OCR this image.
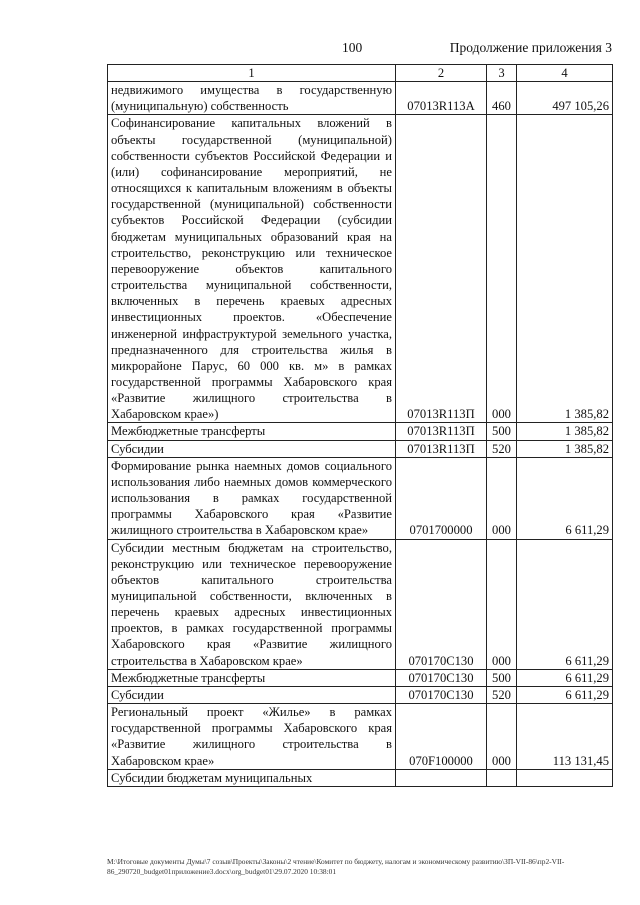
100	Продолжение приложения 3
1	2	3	4
недвижимого имущества в государственную (муниципальную) собственность	07013R113А	460	497 105,26
Софинансирование капитальных вложений в объекты государственной (муниципальной) собственности субъектов Российской Федерации и (или) софинансирование мероприятий, не относящихся к капитальным вложениям в объекты государственной (муниципальной) собственности субъектов Российской Федерации (субсидии бюджетам муниципальных образований края на строительство, реконструкцию или техническое перевооружение объектов капитального строительства муниципальной собственности, включенных в перечень краевых адресных инвестиционных проектов. «Обеспечение инженерной инфраструктурой земельного участка, предназначенного для строительства жилья в микрорайоне Парус, 60 000 кв. м» в рамках государственной программы Хабаровского края «Развитие жилищного строительства в Хабаровском крае»)	07013R113П	000	1 385,82
Межбюджетные трансферты	07013R113П	500	1 385,82
Субсидии	07013R113П	520	1 385,82
Формирование рынка наемных домов социального использования либо наемных домов коммерческого использования в рамках государственной программы Хабаровского края «Развитие жилищного строительства в Хабаровском крае»	0701700000	000	6 611,29
Субсидии местным бюджетам на строительство, реконструкцию или техническое перевооружение объектов капитального строительства муниципальной собственности, включенных в перечень краевых адресных инвестиционных проектов, в рамках государственной программы Хабаровского края «Развитие жилищного строительства в Хабаровском крае»	070170С130	000	6 611,29
Межбюджетные трансферты	070170С130	500	6 611,29
Субсидии	070170С130	520	6 611,29
Региональный проект «Жилье» в рамках государственной программы Хабаровского края «Развитие жилищного строительства в Хабаровском крае»	070F100000	000	113 131,45
Субсидии бюджетам муниципальных			
M:\Итоговые документы Думы\7 созыв\Проекты\Законы\2 чтение\Комитет по бюджету, налогам и экономическому развитию\ЗП-VII-86\пр2-VII-86_290720_budget01приложение3.docx\org_budget01\29.07.2020 10:38:01
